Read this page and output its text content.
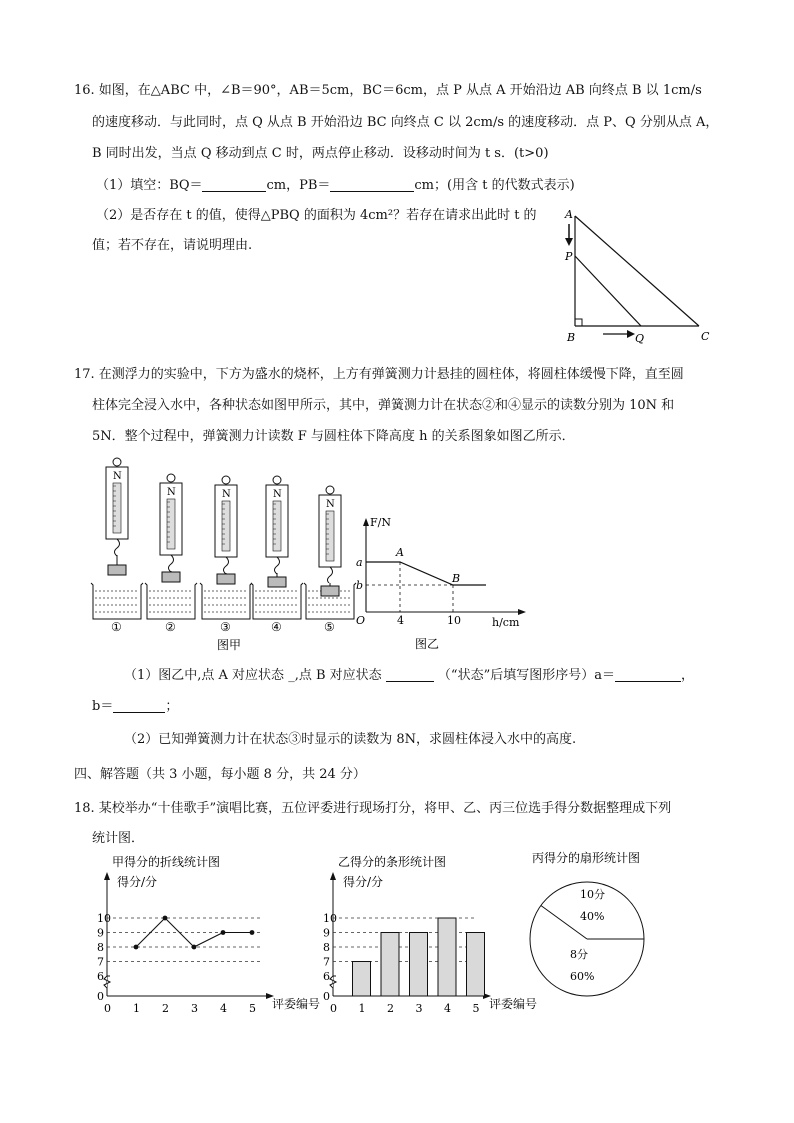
16. 如图，在△ABC 中，∠B＝90°，AB＝5cm，BC＝6cm，点 P 从点 A 开始沿边 AB 向终点 B 以 1cm/s
的速度移动．与此同时，点 Q 从点 B 开始沿边 BC 向终点 C 以 2cm/s 的速度移动．点 P、Q 分别从点 A，
B 同时出发，当点 Q 移动到点 C 时，两点停止移动．设移动时间为 t s．(t>0)
（1）填空：BQ＝	cm，PB＝	cm；(用含 t 的代数式表示)
（2）是否存在 t 的值，使得△PBQ 的面积为 4cm²？若存在请求出此时 t 的
值；若不存在，请说明理由.
A
P
B	Q	C
17. 在测浮力的实验中，下方为盛水的烧杯，上方有弹簧测力计悬挂的圆柱体，将圆柱体缓慢下降，直至圆
柱体完全浸入水中，各种状态如图甲所示，其中，弹簧测力计在状态②和④显示的读数分别为 10N 和
5N．整个过程中，弹簧测力计读数 F 与圆柱体下降高度 h 的关系图象如图乙所示．
N
①
N
②
N
③
N
④
N
⑤
图甲
F/N
h/cm
a
b
O	4	10
A
B
图乙
（1）图乙中,点 A 对应状态 _,点 B 对应状态	（“状态”后填写图形序号）a＝	，
b＝	；
（2）已知弹簧测力计在状态③时显示的读数为 8N，求圆柱体浸入水中的高度.
四、解答题（共 3 小题，每小题 8 分，共 24 分）
18. 某校举办“十佳歌手”演唱比赛，五位评委进行现场打分，将甲、乙、丙三位选手得分数据整理成下列
统计图．
甲得分的折线统计图
得分/分
评委编号
0
6
7
8
9
10
0 1 2 3 4 5
乙得分的条形统计图
得分/分
评委编号
0
6
7
8
9
10
0 1 2 3 4 5
丙得分的扇形统计图
10分
40%
8分
60%
